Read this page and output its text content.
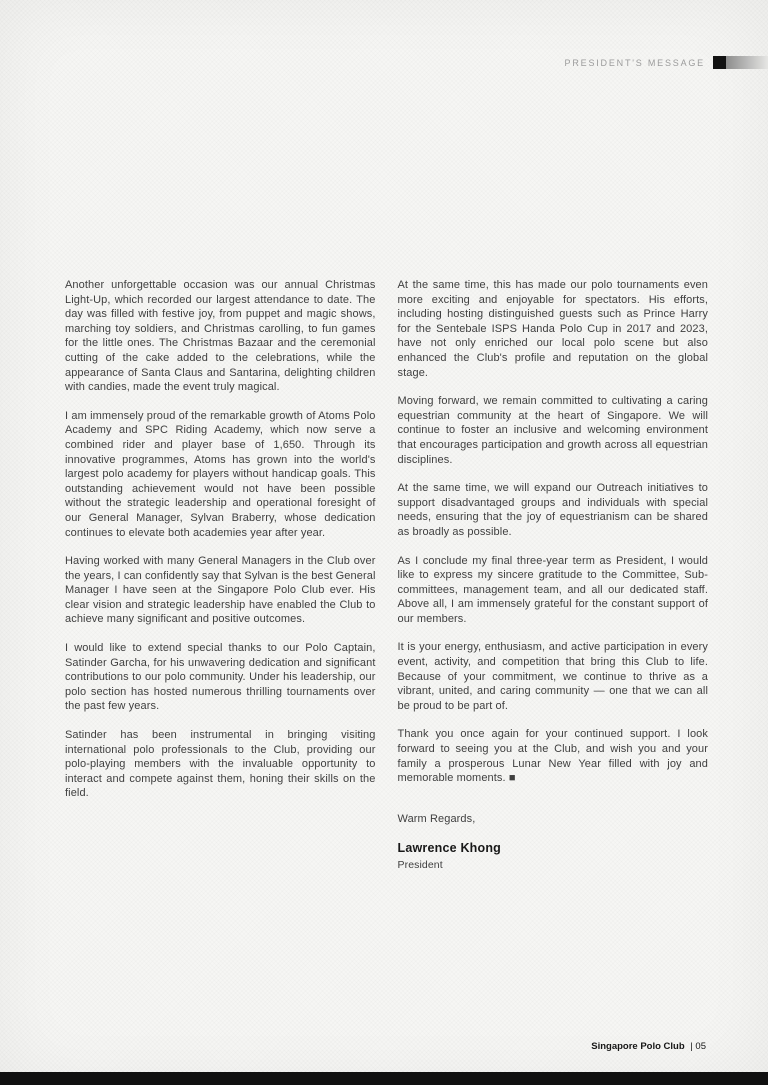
PRESIDENT'S MESSAGE

Another unforgettable occasion was our annual Christmas Light-Up, which recorded our largest attendance to date. The day was filled with festive joy, from puppet and magic shows, marching toy soldiers, and Christmas carolling, to fun games for the little ones. The Christmas Bazaar and the ceremonial cutting of the cake added to the celebrations, while the appearance of Santa Claus and Santarina, delighting children with candies, made the event truly magical.

I am immensely proud of the remarkable growth of Atoms Polo Academy and SPC Riding Academy, which now serve a combined rider and player base of 1,650. Through its innovative programmes, Atoms has grown into the world's largest polo academy for players without handicap goals. This outstanding achievement would not have been possible without the strategic leadership and operational foresight of our General Manager, Sylvan Braberry, whose dedication continues to elevate both academies year after year.

Having worked with many General Managers in the Club over the years, I can confidently say that Sylvan is the best General Manager I have seen at the Singapore Polo Club ever. His clear vision and strategic leadership have enabled the Club to achieve many significant and positive outcomes.

I would like to extend special thanks to our Polo Captain, Satinder Garcha, for his unwavering dedication and significant contributions to our polo community. Under his leadership, our polo section has hosted numerous thrilling tournaments over the past few years.

Satinder has been instrumental in bringing visiting international polo professionals to the Club, providing our polo-playing members with the invaluable opportunity to interact and compete against them, honing their skills on the field.

At the same time, this has made our polo tournaments even more exciting and enjoyable for spectators. His efforts, including hosting distinguished guests such as Prince Harry for the Sentebale ISPS Handa Polo Cup in 2017 and 2023, have not only enriched our local polo scene but also enhanced the Club's profile and reputation on the global stage.

Moving forward, we remain committed to cultivating a caring equestrian community at the heart of Singapore. We will continue to foster an inclusive and welcoming environment that encourages participation and growth across all equestrian disciplines.

At the same time, we will expand our Outreach initiatives to support disadvantaged groups and individuals with special needs, ensuring that the joy of equestrianism can be shared as broadly as possible.

As I conclude my final three-year term as President, I would like to express my sincere gratitude to the Committee, Sub-committees, management team, and all our dedicated staff. Above all, I am immensely grateful for the constant support of our members.

It is your energy, enthusiasm, and active participation in every event, activity, and competition that bring this Club to life. Because of your commitment, we continue to thrive as a vibrant, united, and caring community — one that we can all be proud to be part of.

Thank you once again for your continued support. I look forward to seeing you at the Club, and wish you and your family a prosperous Lunar New Year filled with joy and memorable moments. ■

Warm Regards,

Lawrence Khong

President

Singapore Polo Club | 05
